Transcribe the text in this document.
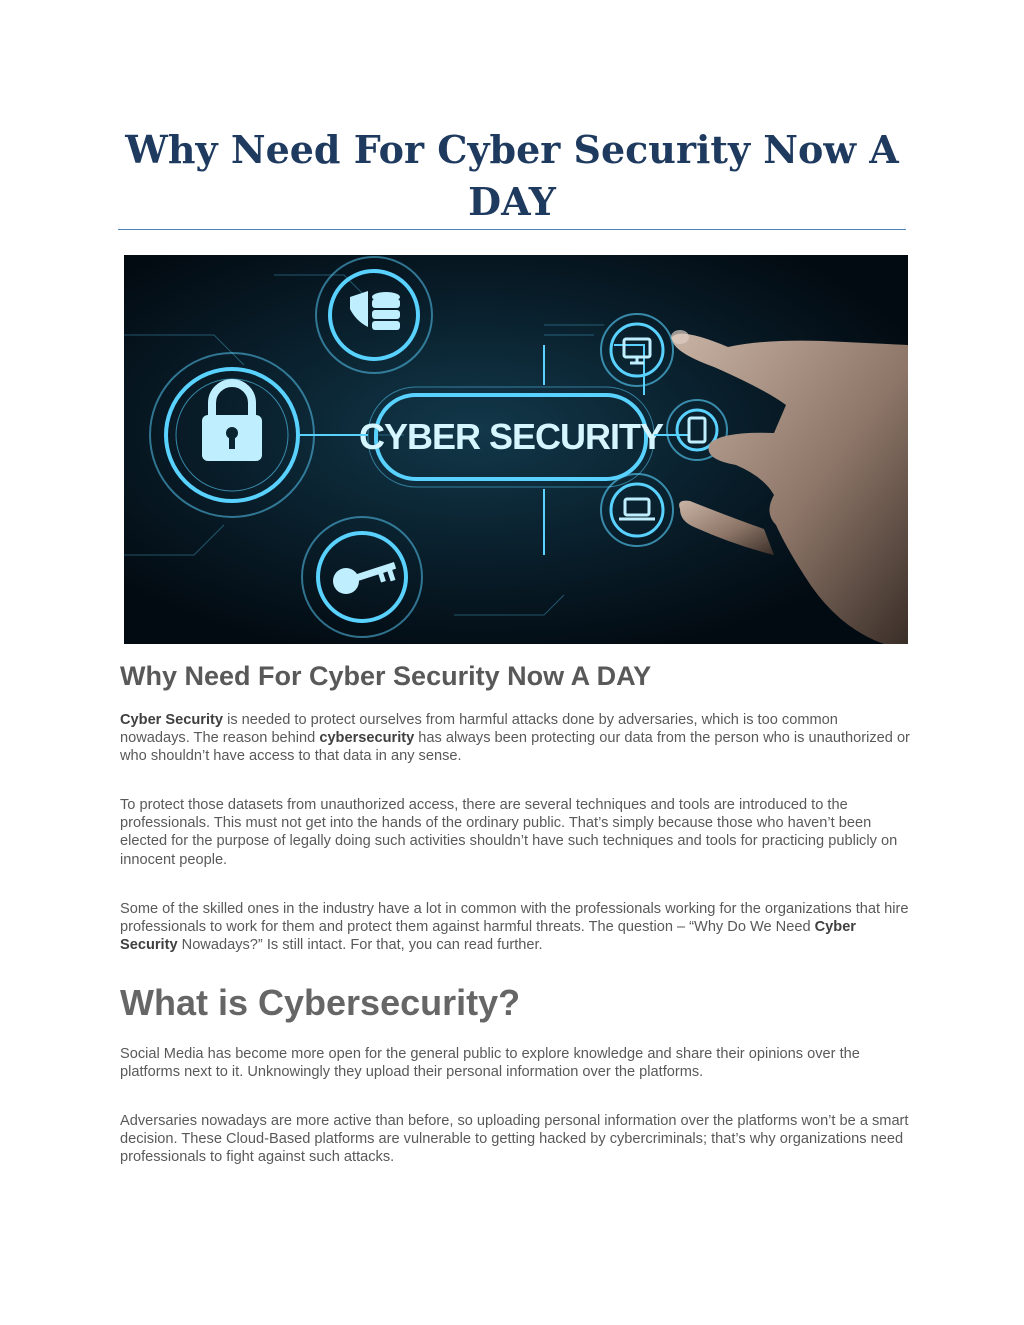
Why Need For Cyber Security Now A DAY
CYBER SECURITY
Why Need For Cyber Security Now A DAY

Cyber Security is needed to protect ourselves from harmful attacks done by adversaries, which is too common nowadays. The reason behind cybersecurity has always been protecting our data from the person who is unauthorized or who shouldn’t have access to that data in any sense.

To protect those datasets from unauthorized access, there are several techniques and tools are introduced to the professionals. This must not get into the hands of the ordinary public. That’s simply because those who haven’t been elected for the purpose of legally doing such activities shouldn’t have such techniques and tools for practicing publicly on innocent people.

Some of the skilled ones in the industry have a lot in common with the professionals working for the organizations that hire professionals to work for them and protect them against harmful threats. The question – “Why Do We Need Cyber Security Nowadays?” Is still intact. For that, you can read further.

What is Cybersecurity?

Social Media has become more open for the general public to explore knowledge and share their opinions over the platforms next to it. Unknowingly they upload their personal information over the platforms.

Adversaries nowadays are more active than before, so uploading personal information over the platforms won’t be a smart decision. These Cloud-Based platforms are vulnerable to getting hacked by cybercriminals; that’s why organizations need professionals to fight against such attacks.
